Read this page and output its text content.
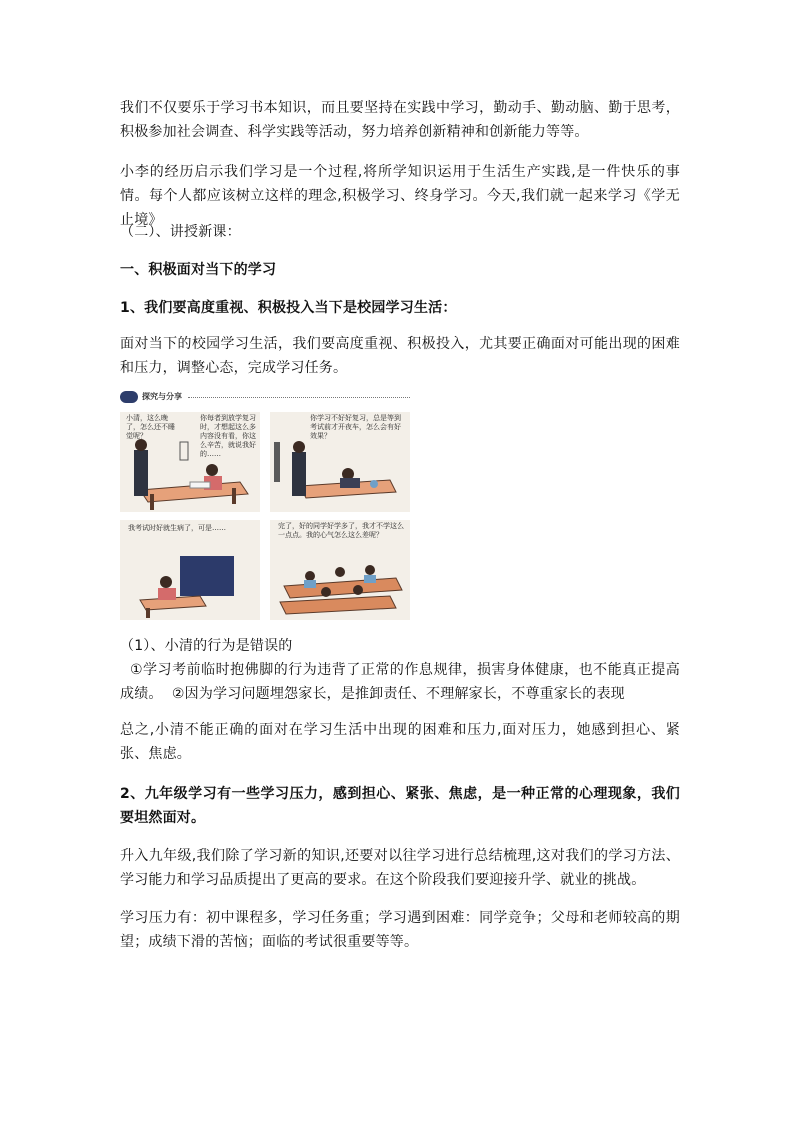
我们不仅要乐于学习书本知识，而且要坚持在实践中学习，勤动手、勤动脑、勤于思考，积极参加社会调查、科学实践等活动，努力培养创新精神和创新能力等等。

小李的经历启示我们学习是一个过程,将所学知识运用于生活生产实践,是一件快乐的事情。每个人都应该树立这样的理念,积极学习、终身学习。今天,我们就一起来学习《学无止境》

（二）、讲授新课：

一、积极面对当下的学习

1、我们要高度重视、积极投入当下是校园学习生活：

面对当下的校园学习生活，我们要高度重视、积极投入，尤其要正确面对可能出现的困难和压力，调整心态，完成学习任务。

探究与分享
小清，这么晚了，怎么还不睡觉呢？
你每者到放学复习时，才想起这么多内容没有看，你这么辛苦，就说我好的……
你学习不好好复习，总是等到考试前才开夜车，怎么会有好效果？
我考试时好就生病了，可是……	完了，好的同学好学多了，我才不学这么一点点。我的心气怎么这么差呢？

（1）、小清的行为是错误的

①学习考前临时抱佛脚的行为违背了正常的作息规律，损害身体健康，也不能真正提高成绩。  ②因为学习问题埋怨家长，是推卸责任、不理解家长，不尊重家长的表现

总之,小清不能正确的面对在学习生活中出现的困难和压力,面对压力，她感到担心、紧张、焦虑。

2、九年级学习有一些学习压力，感到担心、紧张、焦虑，是一种正常的心理现象，我们要坦然面对。

升入九年级,我们除了学习新的知识,还要对以往学习进行总结梳理,这对我们的学习方法、学习能力和学习品质提出了更高的要求。在这个阶段我们要迎接升学、就业的挑战。

学习压力有：初中课程多，学习任务重；学习遇到困难：同学竞争；父母和老师较高的期望；成绩下滑的苦恼；面临的考试很重要等等。
